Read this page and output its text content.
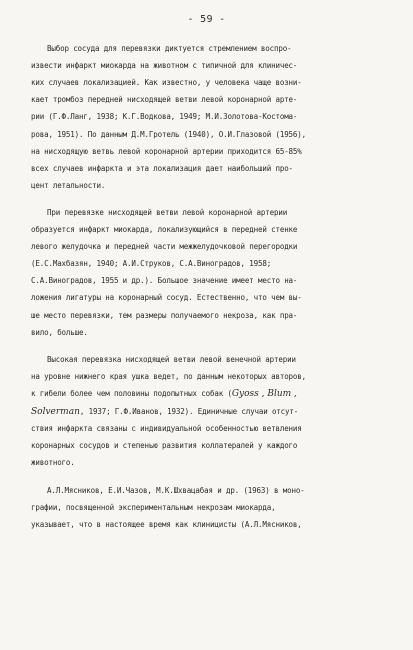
- 59 -
Выбор сосуда для перевязки диктуется стремлением воспро-
извести инфаркт миокарда на животном с типичной для клиничес-
ких случаев локализацией. Как известно, у человека чаще возни-
кает тромбоз передней нисходящей ветви левой коронарной арте-
рии (Г.Ф.Ланг, 1938; К.Г.Водкова, 1949; М.И.Золотова-Костома-
рова, 1951). По данным Д.М.Гротель (1940), О.И.Глазовой (1956),
на нисходящую ветвь левой коронарной артерии приходится 65-85%
всех случаев инфаркта и эта локализация дает наибольший про-
цент летальности.
При перевязке нисходящей ветви левой коронарной артерии
образуется инфаркт миокарда, локализующийся в передней стенке
левого желудочка и передней части межжелудочковой перегородки
(Е.С.Махбазян, 1940; А.И.Струков, С.А.Виноградов, 1958;
С.А.Виноградов, 1955 и др.). Большое значение имеет место на-
ложения лигатуры на коронарный сосуд. Естественно, что чем вы-
ше место перевязки, тем размеры получаемого некроза, как пра-
вило, больше.
Высокая перевязка нисходящей ветви левой венечной артерии
на уровне нижнего края ушка ведет, по данным некоторых авторов,
к гибели более чем половины подопытных собак (Gyoss , Blum ,
Solverman, 1937; Г.Ф.Иванов, 1932). Единичные случаи отсут-
ствия инфаркта связаны с индивидуальной особенностью ветвления
коронарных сосудов и степенью развития коллатералей у каждого
животного.
А.Л.Мясников, Е.И.Чазов, М.К.Шхвацабая и др. (1963) в моно-
графии, посвященной экспериментальным некрозам миокарда,
указывает, что в настоящее время как клиницисты (А.Л.Мясников,
